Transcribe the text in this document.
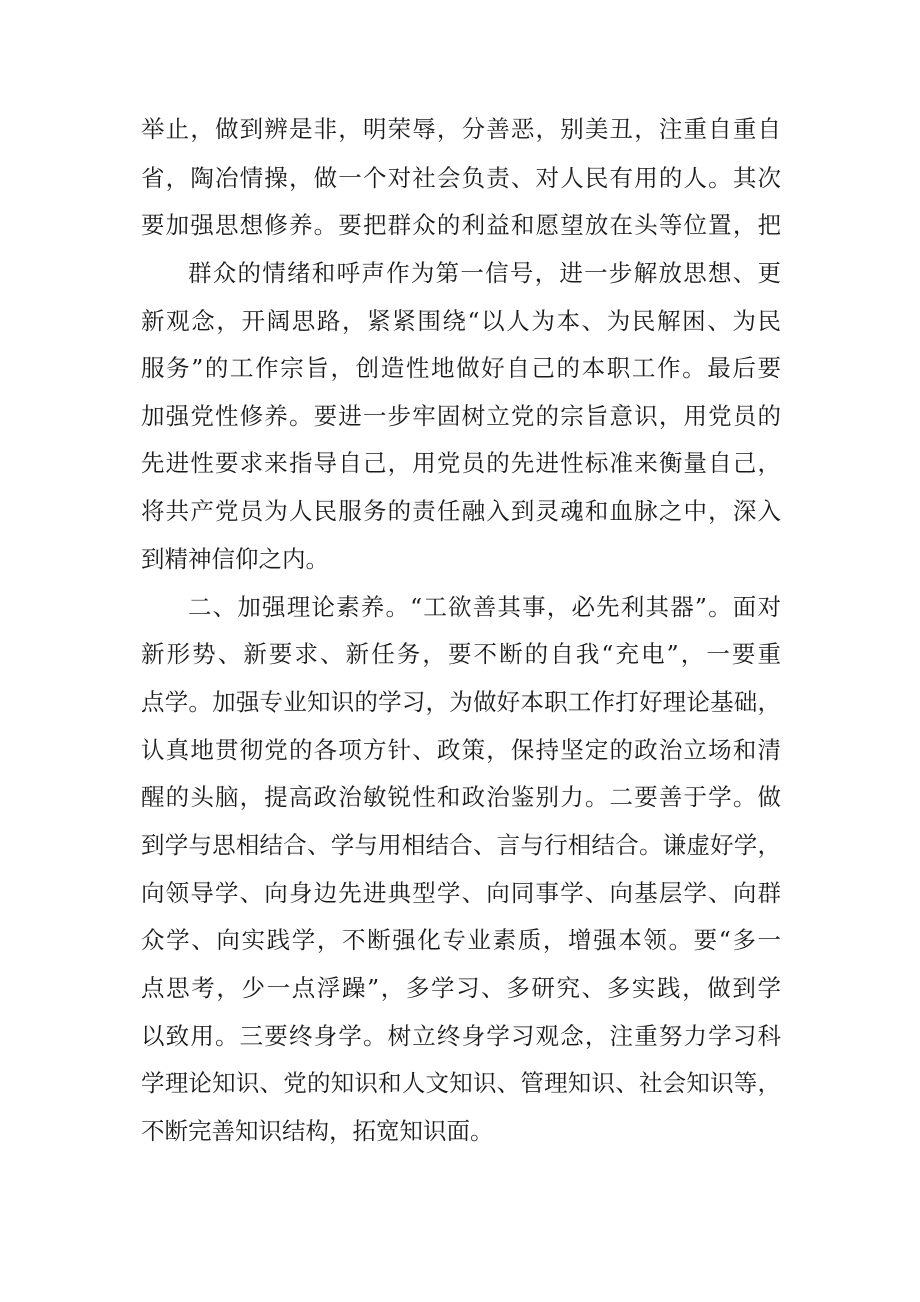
举止，做到辨是非，明荣辱，分善恶，别美丑，注重自重自
省，陶冶情操，做一个对社会负责、对人民有用的人。其次
要加强思想修养。要把群众的利益和愿望放在头等位置，把
群众的情绪和呼声作为第一信号，进一步解放思想、更
新观念，开阔思路，紧紧围绕“以人为本、为民解困、为民
服务”的工作宗旨，创造性地做好自己的本职工作。最后要
加强党性修养。要进一步牢固树立党的宗旨意识，用党员的
先进性要求来指导自己，用党员的先进性标准来衡量自己，
将共产党员为人民服务的责任融入到灵魂和血脉之中，深入
到精神信仰之内。
二、加强理论素养。“工欲善其事，必先利其器”。面对
新形势、新要求、新任务，要不断的自我“充电”，一要重
点学。加强专业知识的学习，为做好本职工作打好理论基础，
认真地贯彻党的各项方针、政策，保持坚定的政治立场和清
醒的头脑，提高政治敏锐性和政治鉴别力。二要善于学。做
到学与思相结合、学与用相结合、言与行相结合。谦虚好学，
向领导学、向身边先进典型学、向同事学、向基层学、向群
众学、向实践学，不断强化专业素质，增强本领。要“多一
点思考，少一点浮躁”，多学习、多研究、多实践，做到学
以致用。三要终身学。树立终身学习观念，注重努力学习科
学理论知识、党的知识和人文知识、管理知识、社会知识等，
不断完善知识结构，拓宽知识面。
